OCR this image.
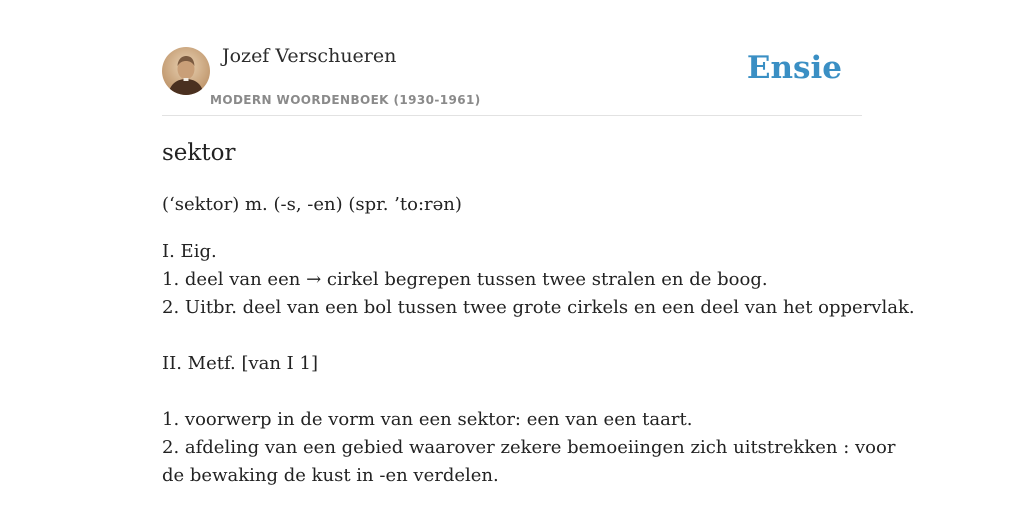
Jozef Verschueren
MODERN WOORDENBOEK (1930-1961)
Ensie
sektor
(‘sektor) m. (-s, -en) (spr. ’to:rən)
I. Eig.
1. deel van een → cirkel begrepen tussen twee stralen en de boog.
2. Uitbr. deel van een bol tussen twee grote cirkels en een deel van het oppervlak.
II. Metf. [van I 1]
1. voorwerp in de vorm van een sektor: een van een taart.
2. afdeling van een gebied waarover zekere bemoeiingen zich uitstrekken : voor
de bewaking de kust in -en verdelen.
